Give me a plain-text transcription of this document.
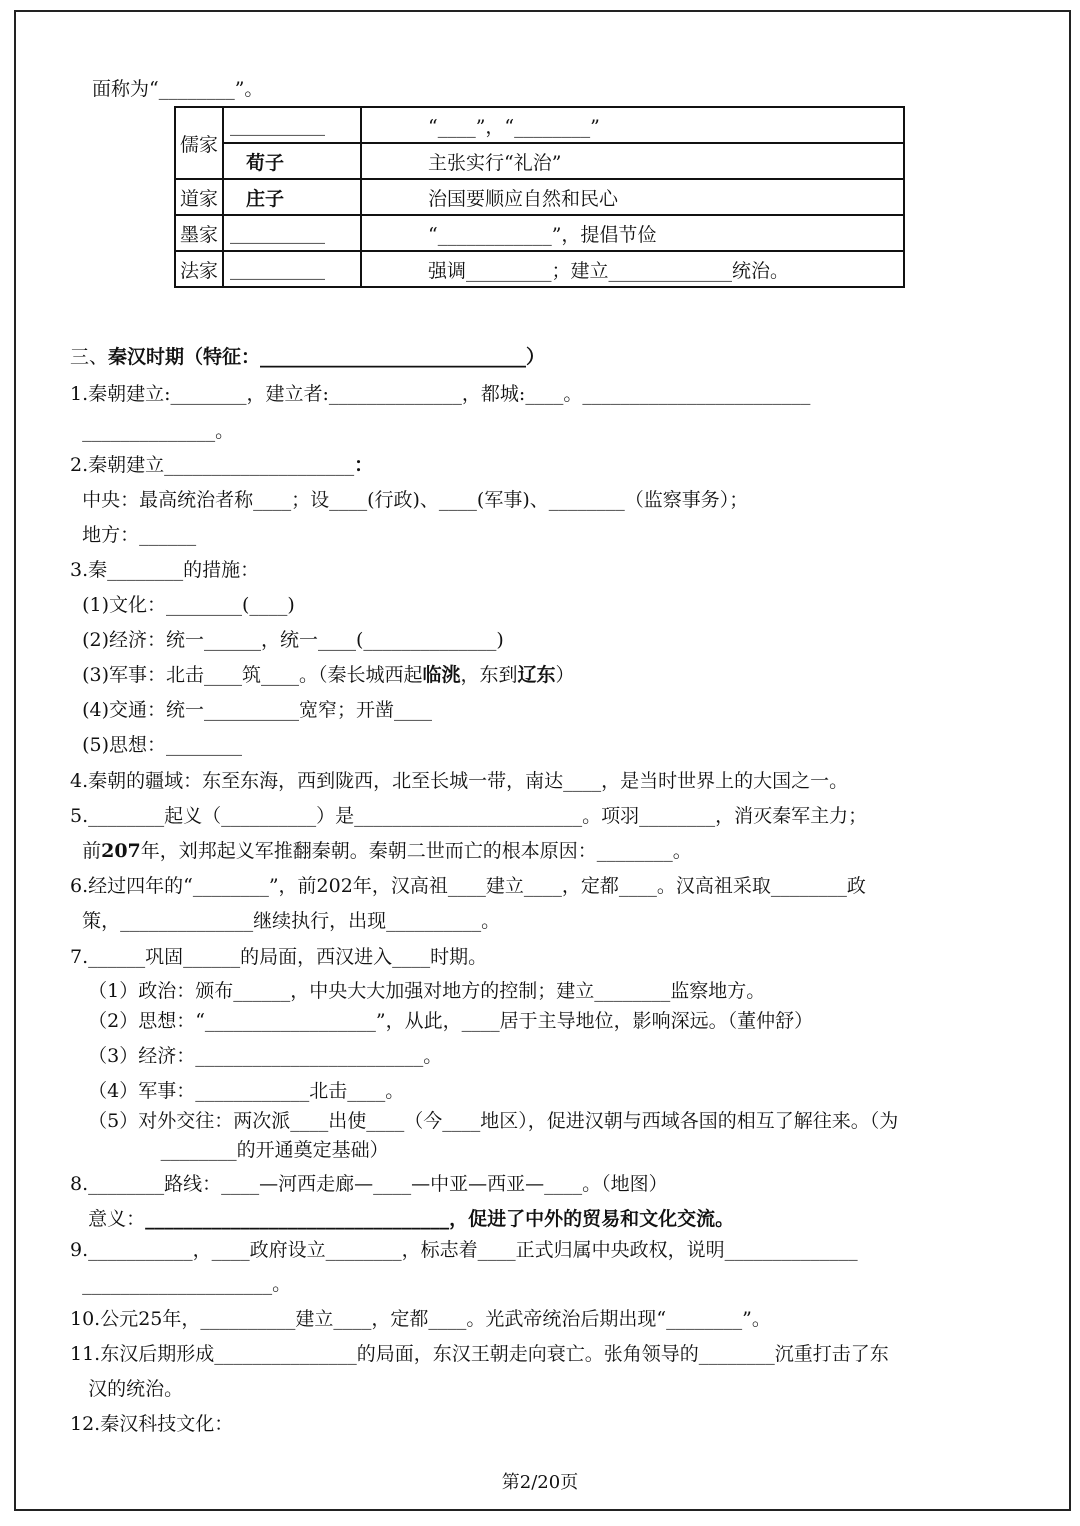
面称为“________”。
儒家	__________	“____”，“________”
	荀子	主张实行“礼治”
道家	庄子	治国要顺应自然和民心
墨家	__________	“____________”，提倡节俭
法家	__________	强调_________；建立_____________统治。
三、秦汉时期（特征：____________________________）
1.秦朝建立:________，建立者:______________，都城:____。________________________
______________。
2.秦朝建立____________________：
中央：最高统治者称____；设____(行政)、____(军事)、________（监察事务）；
地方：______
3.秦________的措施：
(1)文化：________(____)
(2)经济：统一______，统一____(______________)
(3)军事：北击____筑____。（秦长城西起临洮，东到辽东）
(4)交通：统一__________宽窄；开凿____
(5)思想：________
4.秦朝的疆域：东至东海，西到陇西，北至长城一带，南达____，是当时世界上的大国之一。
5.________起义（__________）是________________________。项羽________，消灭秦军主力；
前207年，刘邦起义军推翻秦朝。秦朝二世而亡的根本原因：________。
6.经过四年的“________”，前202年，汉高祖____建立____，定都____。汉高祖采取________政
策，______________继续执行，出现__________。
7.______巩固______的局面，西汉进入____时期。
（1）政治：颁布______，中央大大加强对地方的控制；建立________监察地方。
（2）思想：“__________________”，从此，____居于主导地位，影响深远。（董仲舒）
（3）经济：________________________。
（4）军事：____________北击____。
（5）对外交往：两次派____出使____（今____地区），促进汉朝与西域各国的相互了解往来。（为
________的开通奠定基础）
8.________路线：____—河西走廊—____—中亚—西亚—____。（地图）
意义：________________________________，促进了中外的贸易和文化交流。
9.___________，____政府设立________，标志着____正式归属中央政权，说明______________
____________________。
10.公元25年，__________建立____，定都____。光武帝统治后期出现“________”。
11.东汉后期形成_______________的局面，东汉王朝走向衰亡。张角领导的________沉重打击了东
汉的统治。
12.秦汉科技文化：
第2/20页
